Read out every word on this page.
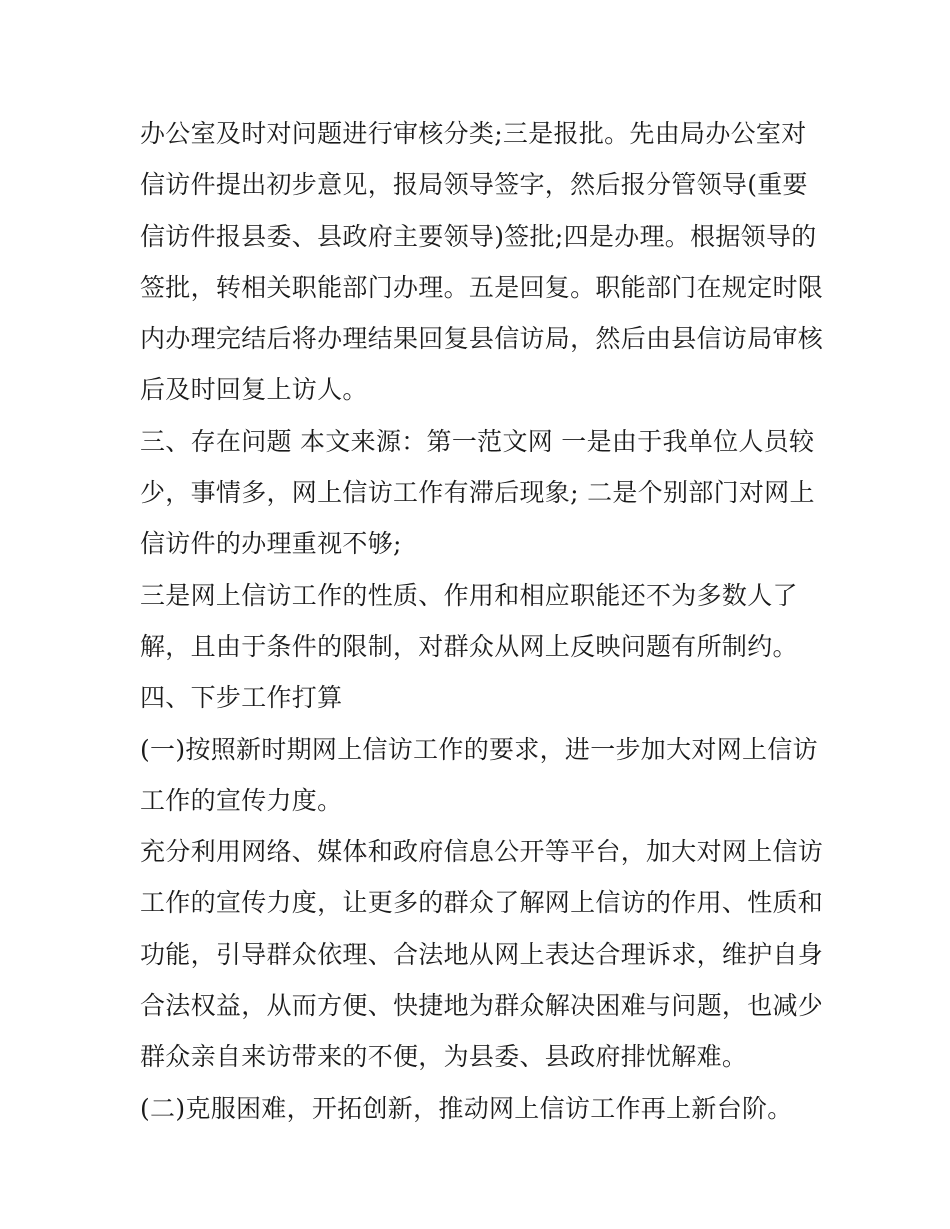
办公室及时对问题进行审核分类;三是报批。先由局办公室对
信访件提出初步意见，报局领导签字，然后报分管领导(重要
信访件报县委、县政府主要领导)签批;四是办理。根据领导的
签批，转相关职能部门办理。五是回复。职能部门在规定时限
内办理完结后将办理结果回复县信访局，然后由县信访局审核
后及时回复上访人。
三、存在问题 本文来源：第一范文网 一是由于我单位人员较
少，事情多，网上信访工作有滞后现象; 二是个别部门对网上
信访件的办理重视不够;
三是网上信访工作的性质、作用和相应职能还不为多数人了
解，且由于条件的限制，对群众从网上反映问题有所制约。
四、下步工作打算
(一)按照新时期网上信访工作的要求，进一步加大对网上信访
工作的宣传力度。
充分利用网络、媒体和政府信息公开等平台，加大对网上信访
工作的宣传力度，让更多的群众了解网上信访的作用、性质和
功能，引导群众依理、合法地从网上表达合理诉求，维护自身
合法权益，从而方便、快捷地为群众解决困难与问题，也减少
群众亲自来访带来的不便，为县委、县政府排忧解难。
(二)克服困难，开拓创新，推动网上信访工作再上新台阶。
